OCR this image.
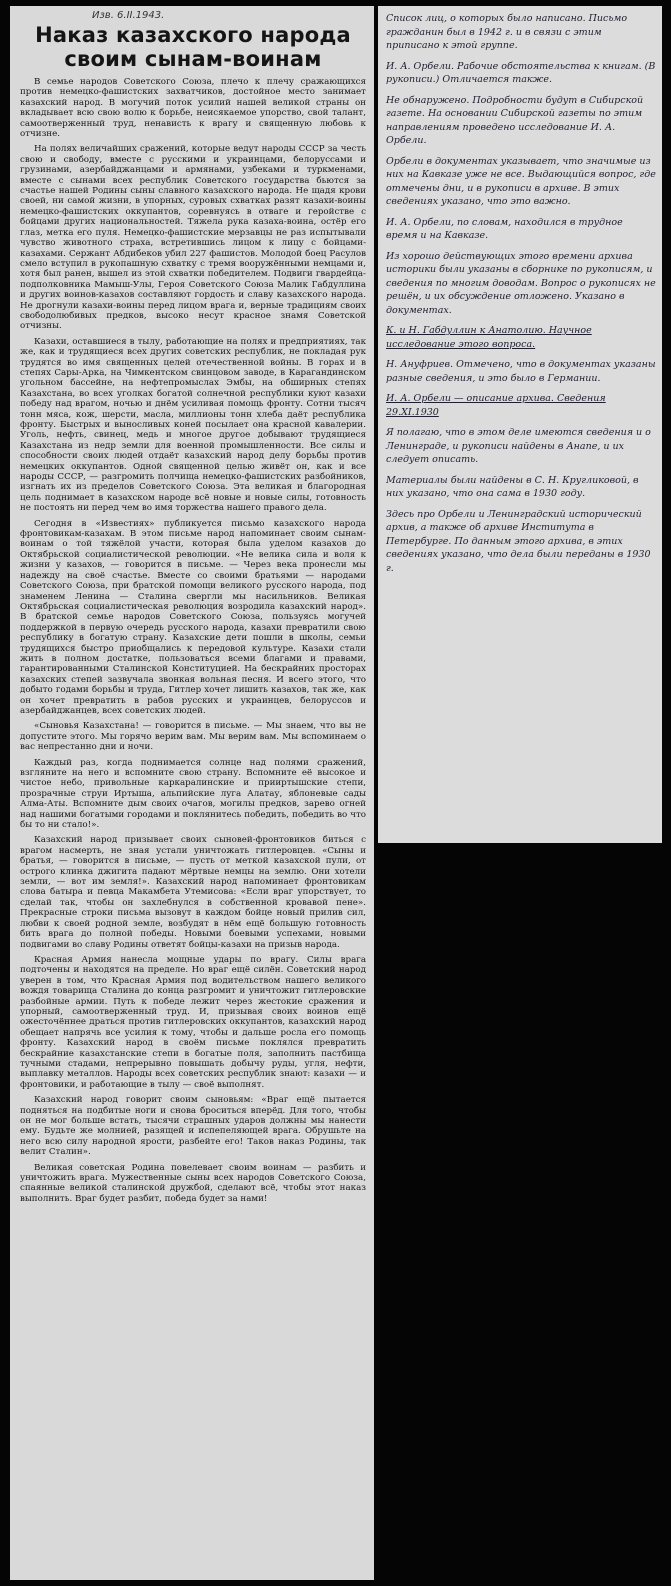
Изв. 6.II.1943.
Наказ казахского народа
своим сынам-воинам

В семье народов Советского Союза, плечо к плечу сражающихся против немецко-фашистских захватчиков, достойное место занимает казахский народ. В могучий поток усилий нашей великой страны он вкладывает всю свою волю к борьбе, неисякаемое упорство, свой талант, самоотверженный труд, ненависть к врагу и священную любовь к отчизне.

На полях величайших сражений, которые ведут народы СССР за честь свою и свободу, вместе с русскими и украинцами, белоруссами и грузинами, азербайджанцами и армянами, узбеками и туркменами, вместе с сынами всех республик Советского государства бьются за счастье нашей Родины сыны славного казахского народа. Не щадя крови своей, ни самой жизни, в упорных, суровых схватках разят казахи-воины немецко-фашистских оккупантов, соревнуясь в отваге и геройстве с бойцами других национальностей. Тяжела рука казаха-воина, остёр его глаз, метка его пуля. Немецко-фашистские мерзавцы не раз испытывали чувство животного страха, встретившись лицом к лицу с бойцами-казахами. Сержант Абдибеков убил 227 фашистов. Молодой боец Расулов смело вступил в рукопашную схватку с тремя вооружёнными немцами и, хотя был ранен, вышел из этой схватки победителем. Подвиги гвардейца-подполковника Мамыш-Улы, Героя Советского Союза Малик Габдуллина и других воинов-казахов составляют гордость и славу казахского народа. Не дрогнули казахи-воины перед лицом врага и, верные традициям своих свободолюбивых предков, высоко несут красное знамя Советской отчизны.

Казахи, оставшиеся в тылу, работающие на полях и предприятиях, так же, как и трудящиеся всех других советских республик, не покладая рук трудятся во имя священных целей отечественной войны. В горах и в степях Сары-Арка, на Чимкентском свинцовом заводе, в Карагандинском угольном бассейне, на нефтепромыслах Эмбы, на обширных степях Казахстана, во всех уголках богатой солнечной республики куют казахи победу над врагом, ночью и днём усиливая помощь фронту. Сотни тысяч тонн мяса, кож, шерсти, масла, миллионы тонн хлеба даёт республика фронту. Быстрых и выносливых коней посылает она красной кавалерии. Уголь, нефть, свинец, медь и многое другое добывают трудящиеся Казахстана из недр земли для военной промышленности. Все силы и способности своих людей отдаёт казахский народ делу борьбы против немецких оккупантов. Одной священной целью живёт он, как и все народы СССР, — разгромить полчища немецко-фашистских разбойников, изгнать их из пределов Советского Союза. Эта великая и благородная цель поднимает в казахском народе всё новые и новые силы, готовность не постоять ни перед чем во имя торжества нашего правого дела.

Сегодня в «Известиях» публикуется письмо казахского народа фронтовикам-казахам. В этом письме народ напоминает своим сынам-воинам о той тяжёлой участи, которая была уделом казахов до Октябрьской социалистической революции. «Не велика сила и воля к жизни у казахов, — говорится в письме. — Через века пронесли мы надежду на своё счастье. Вместе со своими братьями — народами Советского Союза, при братской помощи великого русского народа, под знаменем Ленина — Сталина свергли мы насильников. Великая Октябрьская социалистическая революция возродила казахский народ». В братской семье народов Советского Союза, пользуясь могучей поддержкой в первую очередь русского народа, казахи превратили свою республику в богатую страну. Казахские дети пошли в школы, семьи трудящихся быстро приобщались к передовой культуре. Казахи стали жить в полном достатке, пользоваться всеми благами и правами, гарантированными Сталинской Конституцией. На бескрайних просторах казахских степей зазвучала звонкая вольная песня. И всего этого, что добыто годами борьбы и труда, Гитлер хочет лишить казахов, так же, как он хочет превратить в рабов русских и украинцев, белоруссов и азербайджанцев, всех советских людей.

«Сыновья Казахстана! — говорится в письме. — Мы знаем, что вы не допустите этого. Мы горячо верим вам. Мы верим вам. Мы вспоминаем о вас непрестанно дни и ночи.

Каждый раз, когда поднимается солнце над полями сражений, взгляните на него и вспомните свою страну. Вспомните её высокое и чистое небо, привольные каркаралинские и прииртышские степи, прозрачные струи Иртыша, альпийские луга Алатау, яблоневые сады Алма-Аты. Вспомните дым своих очагов, могилы предков, зарево огней над нашими богатыми городами и поклянитесь победить, победить во что бы то ни стало!».

Казахский народ призывает своих сыновей-фронтовиков биться с врагом насмерть, не зная устали уничтожать гитлеровцев. «Сыны и братья, — говорится в письме, — пусть от меткой казахской пули, от острого клинка джигита падают мёртвые немцы на землю. Они хотели земли, — вот им земля!». Казахский народ напоминает фронтовикам слова батыра и певца Макамбета Утемисова: «Если враг упорствует, то сделай так, чтобы он захлебнулся в собственной кровавой пене». Прекрасные строки письма вызовут в каждом бойце новый прилив сил, любви к своей родной земле, возбудят в нём ещё большую готовность бить врага до полной победы. Новыми боевыми успехами, новыми подвигами во славу Родины ответят бойцы-казахи на призыв народа.

Красная Армия нанесла мощные удары по врагу. Силы врага подточены и находятся на пределе. Но враг ещё силён. Советский народ уверен в том, что Красная Армия под водительством нашего великого вождя товарища Сталина до конца разгромит и уничтожит гитлеровские разбойные армии. Путь к победе лежит через жестокие сражения и упорный, самоотверженный труд. И, призывая своих воинов ещё ожесточённее драться против гитлеровских оккупантов, казахский народ обещает напрячь все усилия к тому, чтобы и дальше росла его помощь фронту. Казахский народ в своём письме поклялся превратить бескрайние казахстанские степи в богатые поля, заполнить пастбища тучными стадами, непрерывно повышать добычу руды, угля, нефти, выплавку металлов. Народы всех советских республик знают: казахи — и фронтовики, и работающие в тылу — своё выполнят.

Казахский народ говорит своим сыновьям: «Враг ещё пытается подняться на подбитые ноги и снова броситься вперёд. Для того, чтобы он не мог больше встать, тысячи страшных ударов должны мы нанести ему. Будьте же молнией, разящей и испепеляющей врага. Обрушьте на него всю силу народной ярости, разбейте его! Таков наказ Родины, так велит Сталин».

Великая советская Родина повелевает своим воинам — разбить и уничтожить врага. Мужественные сыны всех народов Советского Союза, спаянные великой сталинской дружбой, сделают всё, чтобы этот наказ выполнить. Враг будет разбит, победа будет за нами!

Список лиц, о которых было написано. Письмо гражданин был в 1942 г. и в связи с этим приписано к этой группе.

И. А. Орбели. Рабочие обстоятельства к книгам. (В рукописи.) Отличается также.

Не обнаружено. Подробности будут в Сибирской газете. На основании Сибирской газеты по этим направлениям проведено исследование И. А. Орбели.

Орбели в документах указывает, что значимые из них на Кавказе уже не все. Выдающийся вопрос, где отмечены дни, и в рукописи в архиве. В этих сведениях указано, что это важно.

И. А. Орбели, по словам, находился в трудное время и на Кавказе.

Из хорошо действующих этого времени архива историки были указаны в сборнике по рукописям, и сведения по многим доводам. Вопрос о рукописях не решён, и их обсуждение отложено. Указано в документах.

К. и Н. Габдуллин к Анатолию. Научное исследование этого вопроса.

Н. Ануфриев. Отмечено, что в документах указаны разные сведения, и это было в Германии.

И. А. Орбели — описание архива. Сведения 29.XI.1930

Я полагаю, что в этом деле имеются сведения и о Ленинграде, и рукописи найдены в Анапе, и их следует описать.

Материалы были найдены в С. Н. Кругликовой, в них указано, что она сама в 1930 году.

Здесь про Орбели и Ленинградский исторический архив, а также об архиве Института в Петербурге. По данным этого архива, в этих сведениях указано, что дела были переданы в 1930 г.
